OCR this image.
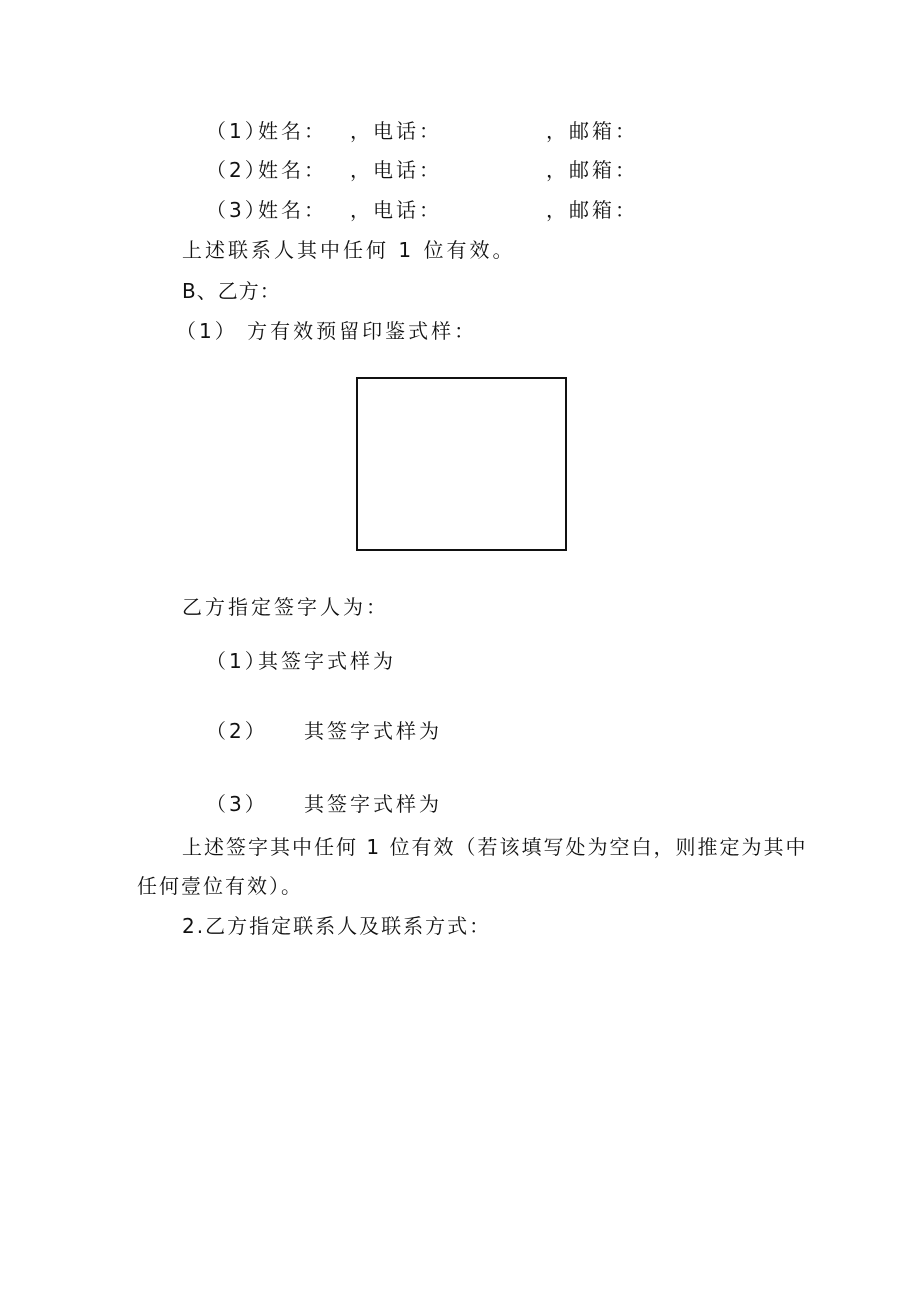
（1）
姓名： ，电话：	，邮箱：
（2）
姓名： ，电话：	，邮箱：
（3）
姓名： ，电话：	，邮箱：
上述联系人其中任何 1 位有效。
B、乙方：
（1） 方有效预留印鉴式样：
乙方指定签字人为：
（1）
其签字式样为
（2） 其签字式样为
（3） 其签字式样为
上述签字其中任何 1 位有效（若该填写处为空白，则推定为其中
任何壹位有效）。
2.乙方指定联系人及联系方式：
